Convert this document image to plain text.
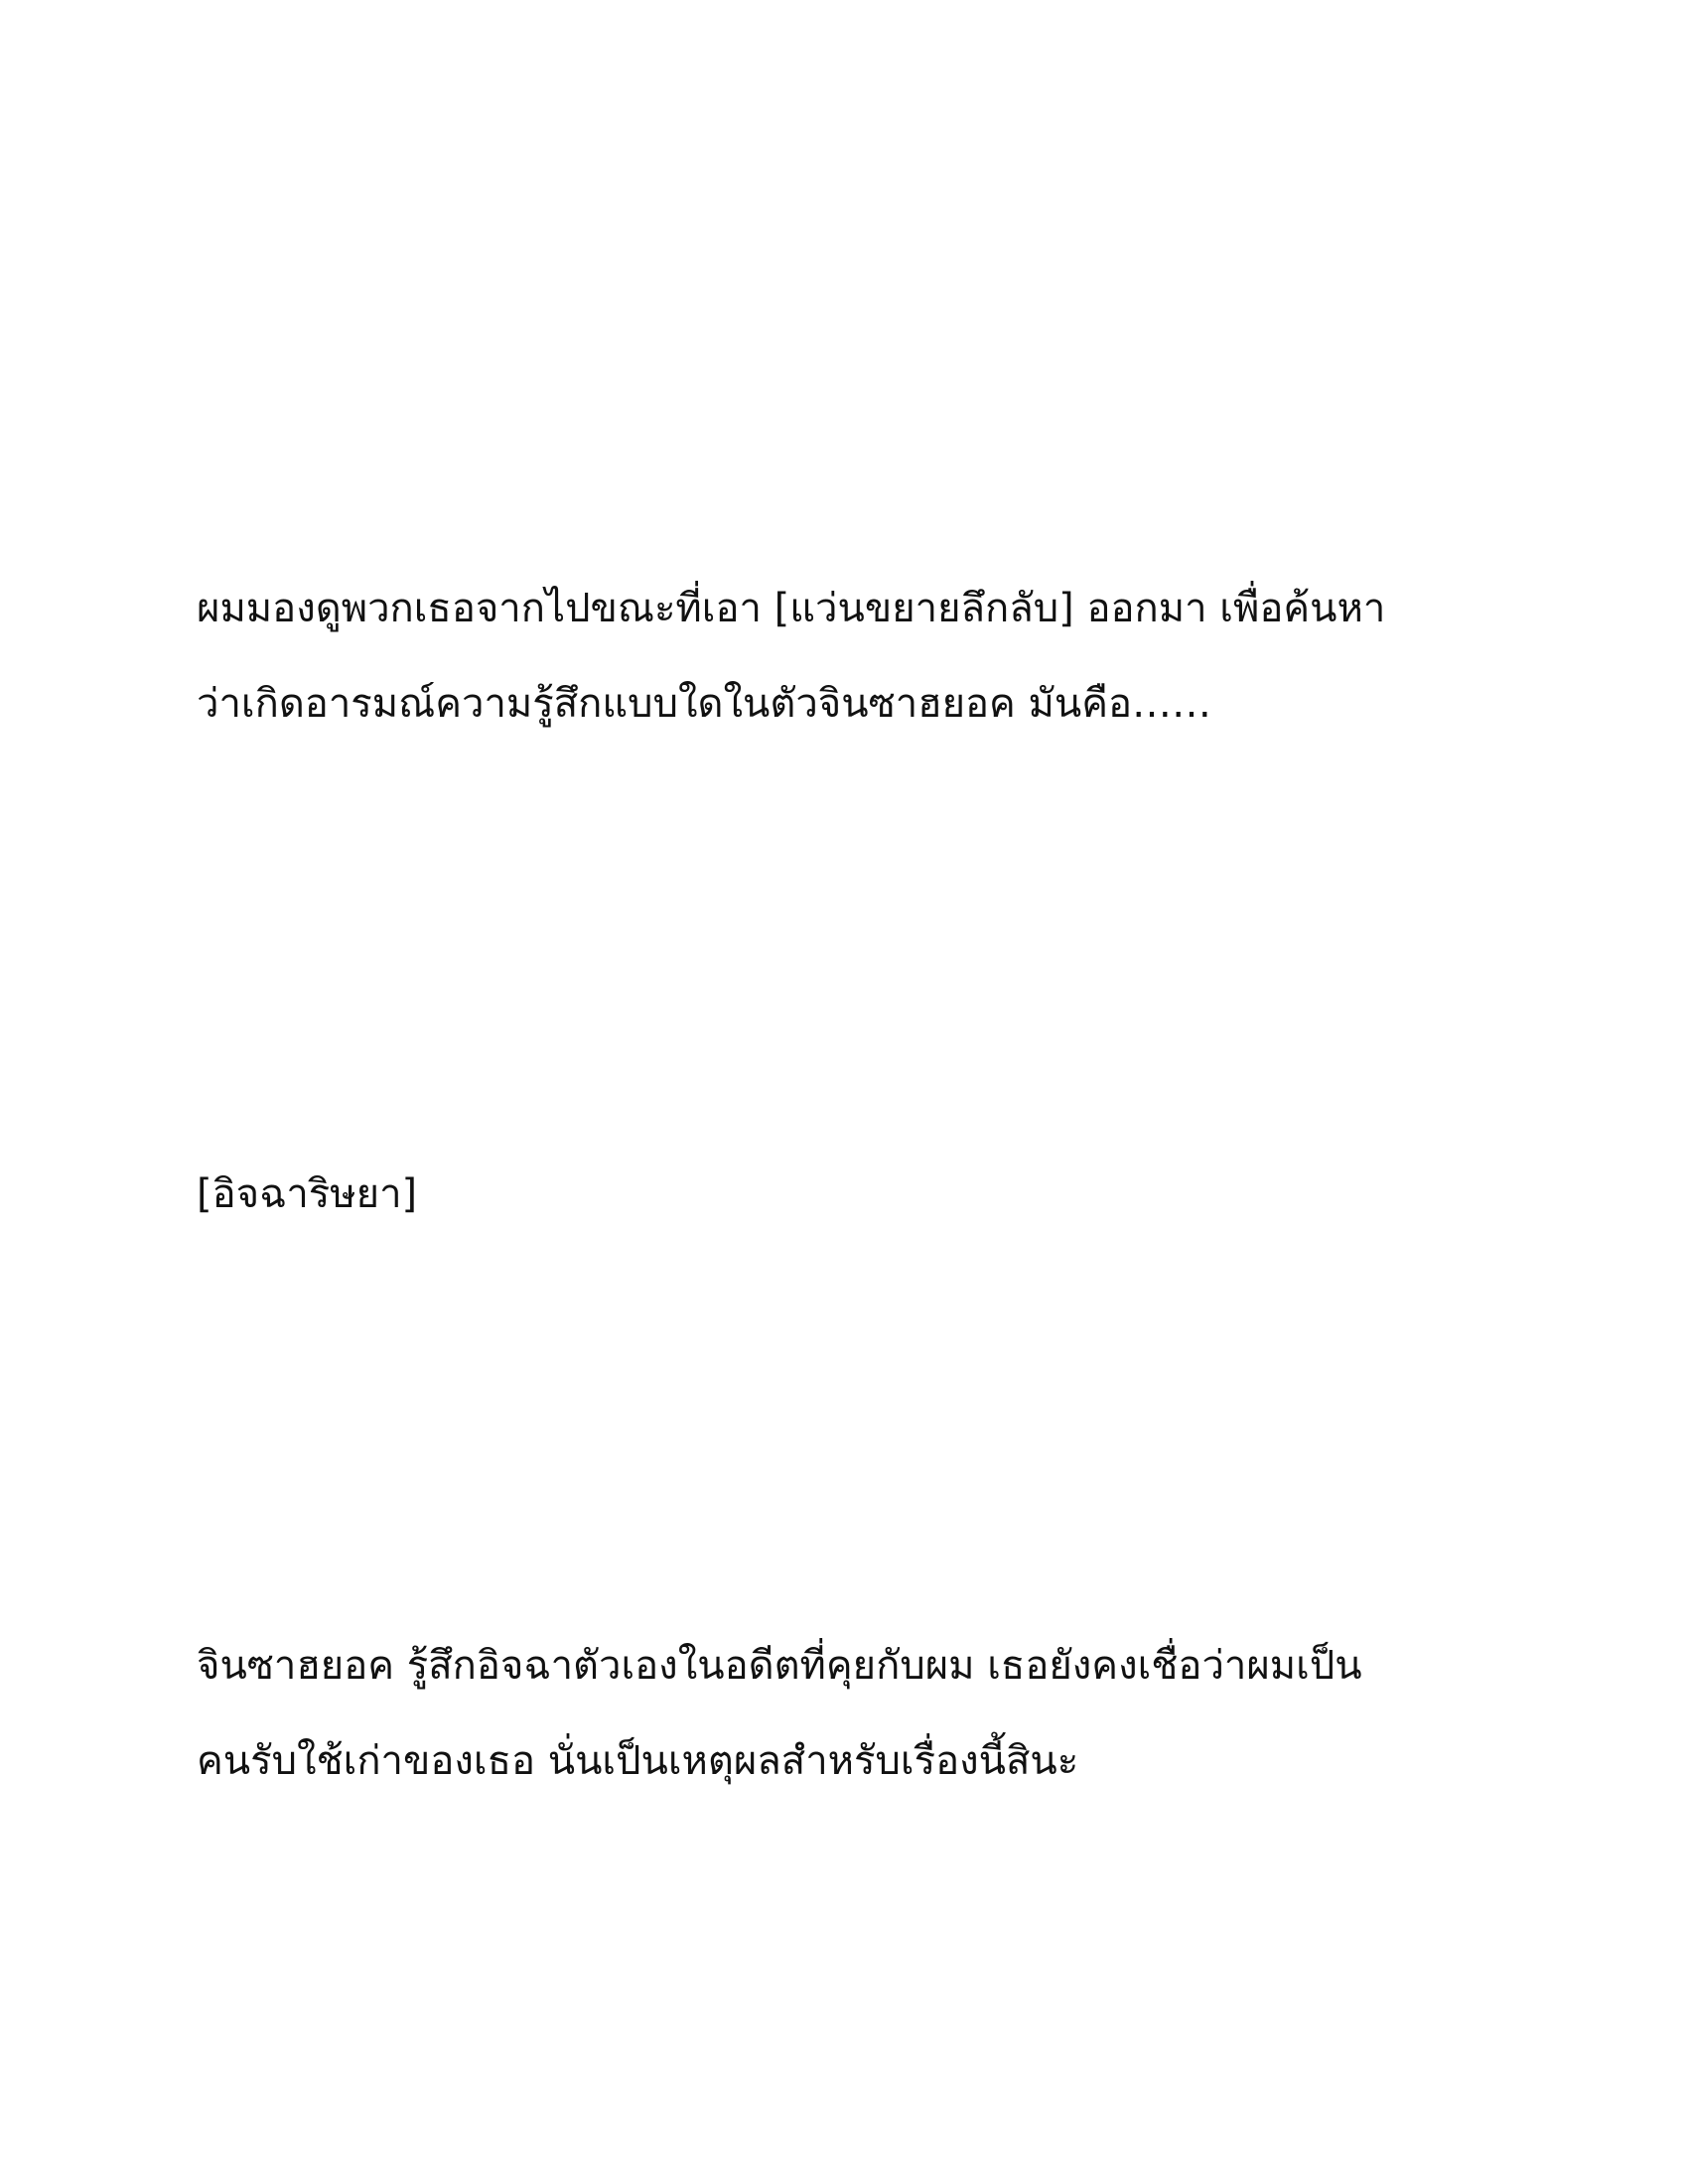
ผมมองดูพวกเธอจากไปขณะที่เอา [แว่นขยายลึกลับ] ออกมา เพื่อค้นหา
ว่าเกิดอารมณ์ความรู้สึกแบบใดในตัวจินซาฮยอค มันคือ……
[อิจฉาริษยา]
จินซาฮยอค รู้สึกอิจฉาตัวเองในอดีตที่คุยกับผม เธอยังคงเชื่อว่าผมเป็น
คนรับใช้เก่าของเธอ นั่นเป็นเหตุผลสำหรับเรื่องนี้สินะ
